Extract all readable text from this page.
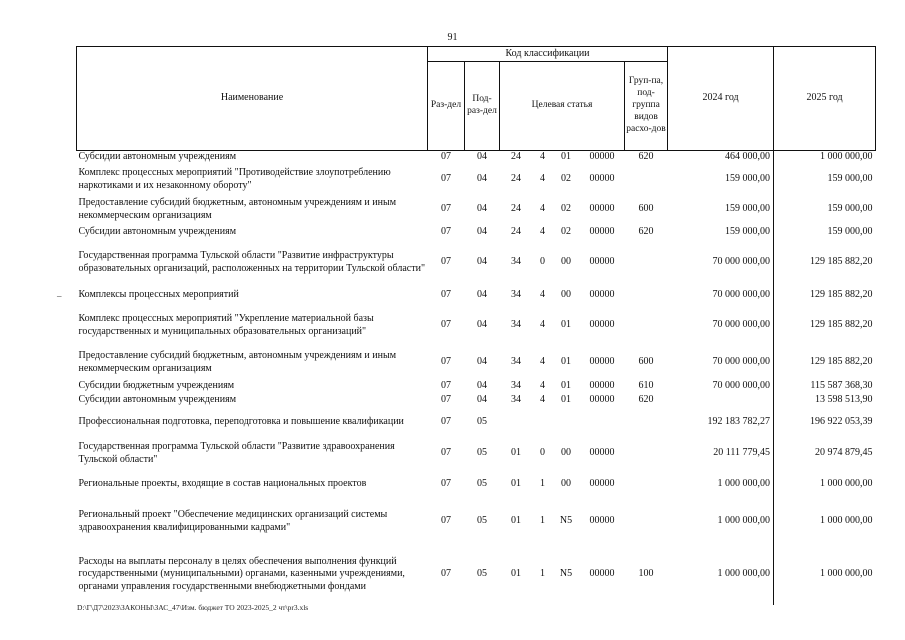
91
–
Наименование	Код классификации							2024 год	2025 год
	Раз-дел	Под-раз-дел	Целевая статья				Груп-па, под-группа видов расхо-дов		
Субсидии автономным учреждениям	07	04	24	4	01	00000	620	464 000,00	1 000 000,00
Комплекс процессных мероприятий "Противодействие злоупотреблению наркотиками и их незаконному обороту"	07	04	24	4	02	00000		159 000,00	159 000,00
Предоставление субсидий бюджетным, автономным учреждениям и иным некоммерческим организациям	07	04	24	4	02	00000	600	159 000,00	159 000,00
Субсидии автономным учреждениям	07	04	24	4	02	00000	620	159 000,00	159 000,00
Государственная программа Тульской области "Развитие инфраструктуры образовательных организаций, расположенных на территории Тульской области"	07	04	34	0	00	00000		70 000 000,00	129 185 882,20
Комплексы процессных мероприятий	07	04	34	4	00	00000		70 000 000,00	129 185 882,20
Комплекс процессных мероприятий "Укрепление материальной базы государственных и муниципальных образовательных организаций"	07	04	34	4	01	00000		70 000 000,00	129 185 882,20
Предоставление субсидий бюджетным, автономным учреждениям и иным некоммерческим организациям	07	04	34	4	01	00000	600	70 000 000,00	129 185 882,20
Субсидии бюджетным учреждениям	07	04	34	4	01	00000	610	70 000 000,00	115 587 368,30
Субсидии автономным учреждениям	07	04	34	4	01	00000	620		13 598 513,90
Профессиональная подготовка, переподготовка и повышение квалификации	07	05						192 183 782,27	196 922 053,39
Государственная программа Тульской области "Развитие здравоохранения Тульской области"	07	05	01	0	00	00000		20 111 779,45	20 974 879,45
Региональные проекты, входящие в состав национальных проектов	07	05	01	1	00	00000		1 000 000,00	1 000 000,00
Региональный проект "Обеспечение медицинских организаций системы здравоохранения квалифицированными кадрами"	07	05	01	1	N5	00000		1 000 000,00	1 000 000,00
Расходы на выплаты персоналу в целях обеспечения выполнения функций государственными (муниципальными) органами, казенными учреждениями, органами управления государственными внебюджетными фондами	07	05	01	1	N5	00000	100	1 000 000,00	1 000 000,00
D:\Г\Д7\2023\ЗАКОНЫ\ЗАС_47\Изм. бюджет ТО 2023-2025_2 чт\pr3.xls
